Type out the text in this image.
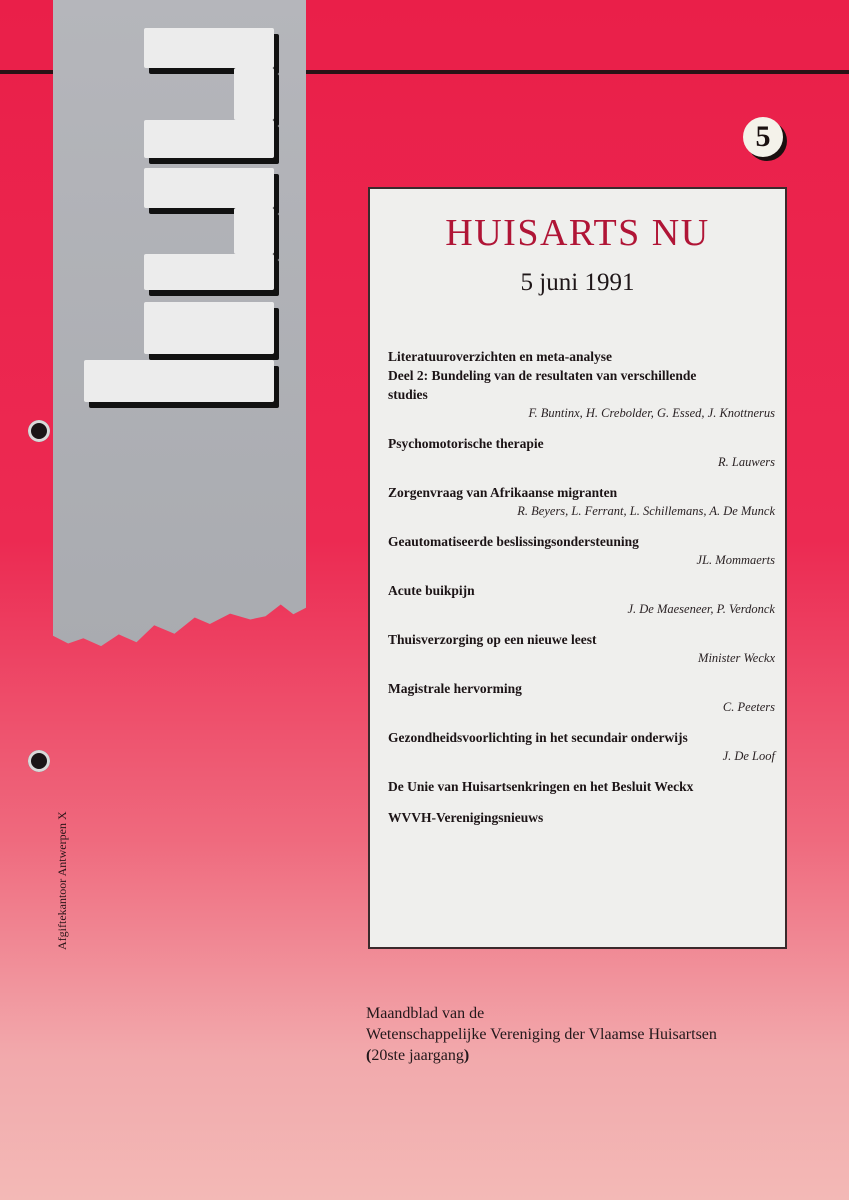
Afgiftekantoor Antwerpen X
5
HUISARTS NU
5 juni 1991
Literatuuroverzichten en meta-analyse
Deel 2: Bundeling van de resultaten van verschillende
studies
F. Buntinx, H. Crebolder, G. Essed, J. Knottnerus
Psychomotorische therapie
R. Lauwers
Zorgenvraag van Afrikaanse migranten
R. Beyers, L. Ferrant, L. Schillemans, A. De Munck
Geautomatiseerde beslissingsondersteuning
JL. Mommaerts
Acute buikpijn
J. De Maeseneer, P. Verdonck
Thuisverzorging op een nieuwe leest
Minister Weckx
Magistrale hervorming
C. Peeters
Gezondheidsvoorlichting in het secundair onderwijs
J. De Loof
De Unie van Huisartsenkringen en het Besluit Weckx
WVVH-Verenigingsnieuws
Maandblad van de
Wetenschappelijke Vereniging der Vlaamse Huisartsen
(20ste jaargang)
